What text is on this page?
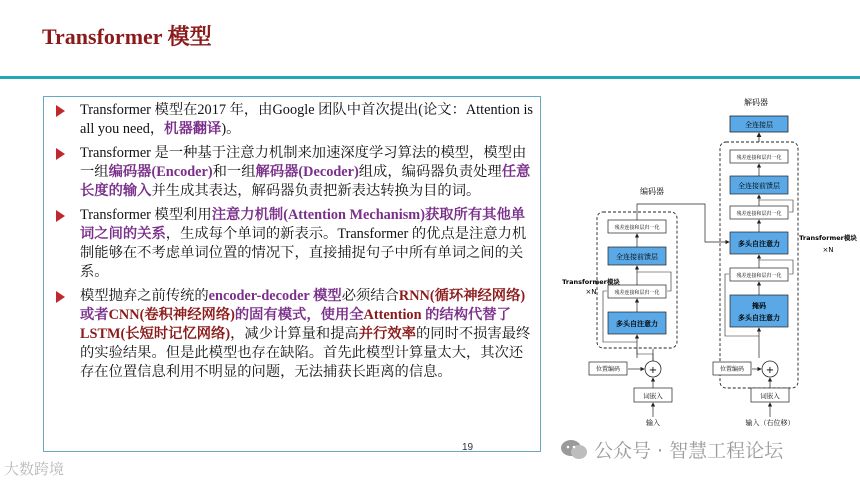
Transformer 模型
Transformer 模型在2017 年，由Google 团队中首次提出(论文：Attention is all you need，机器翻译)。
Transformer 是一种基于注意力机制来加速深度学习算法的模型，模型由一组编码器(Encoder)和一组解码器(Decoder)组成，编码器负责处理任意长度的输入并生成其表达，解码器负责把新表达转换为目的词。
Transformer 模型利用注意力机制(Attention Mechanism)获取所有其他单词之间的关系，生成每个单词的新表示。Transformer 的优点是注意力机制能够在不考虑单词位置的情况下，直接捕捉句子中所有单词之间的关系。
模型抛弃之前传统的encoder-decoder 模型必须结合RNN(循环神经网络)或者CNN(卷积神经网络)的固有模式，使用全Attention 的结构代替了LSTM(长短时记忆网络)，减少计算量和提高并行效率的同时不损害最终的实验结果。但是此模型也存在缺陷。首先此模型计算量太大，其次还存在位置信息利用不明显的问题，无法捕获长距离的信息。
19
解码器
编码器
全连接层
残差连接和层归一化
全连接前馈层
残差连接和层归一化
多头自注意力
残差连接和层归一化
掩码
多头自注意力
残差连接和层归一化
全连接前馈层
残差连接和层归一化
多头自注意力
Transformer模块
×N
Transformer模块
×N
位置编码	+
词嵌入
输入
位置编码 +
词嵌入
输入（右位移）
大数跨境
公众号 · 智慧工程论坛
